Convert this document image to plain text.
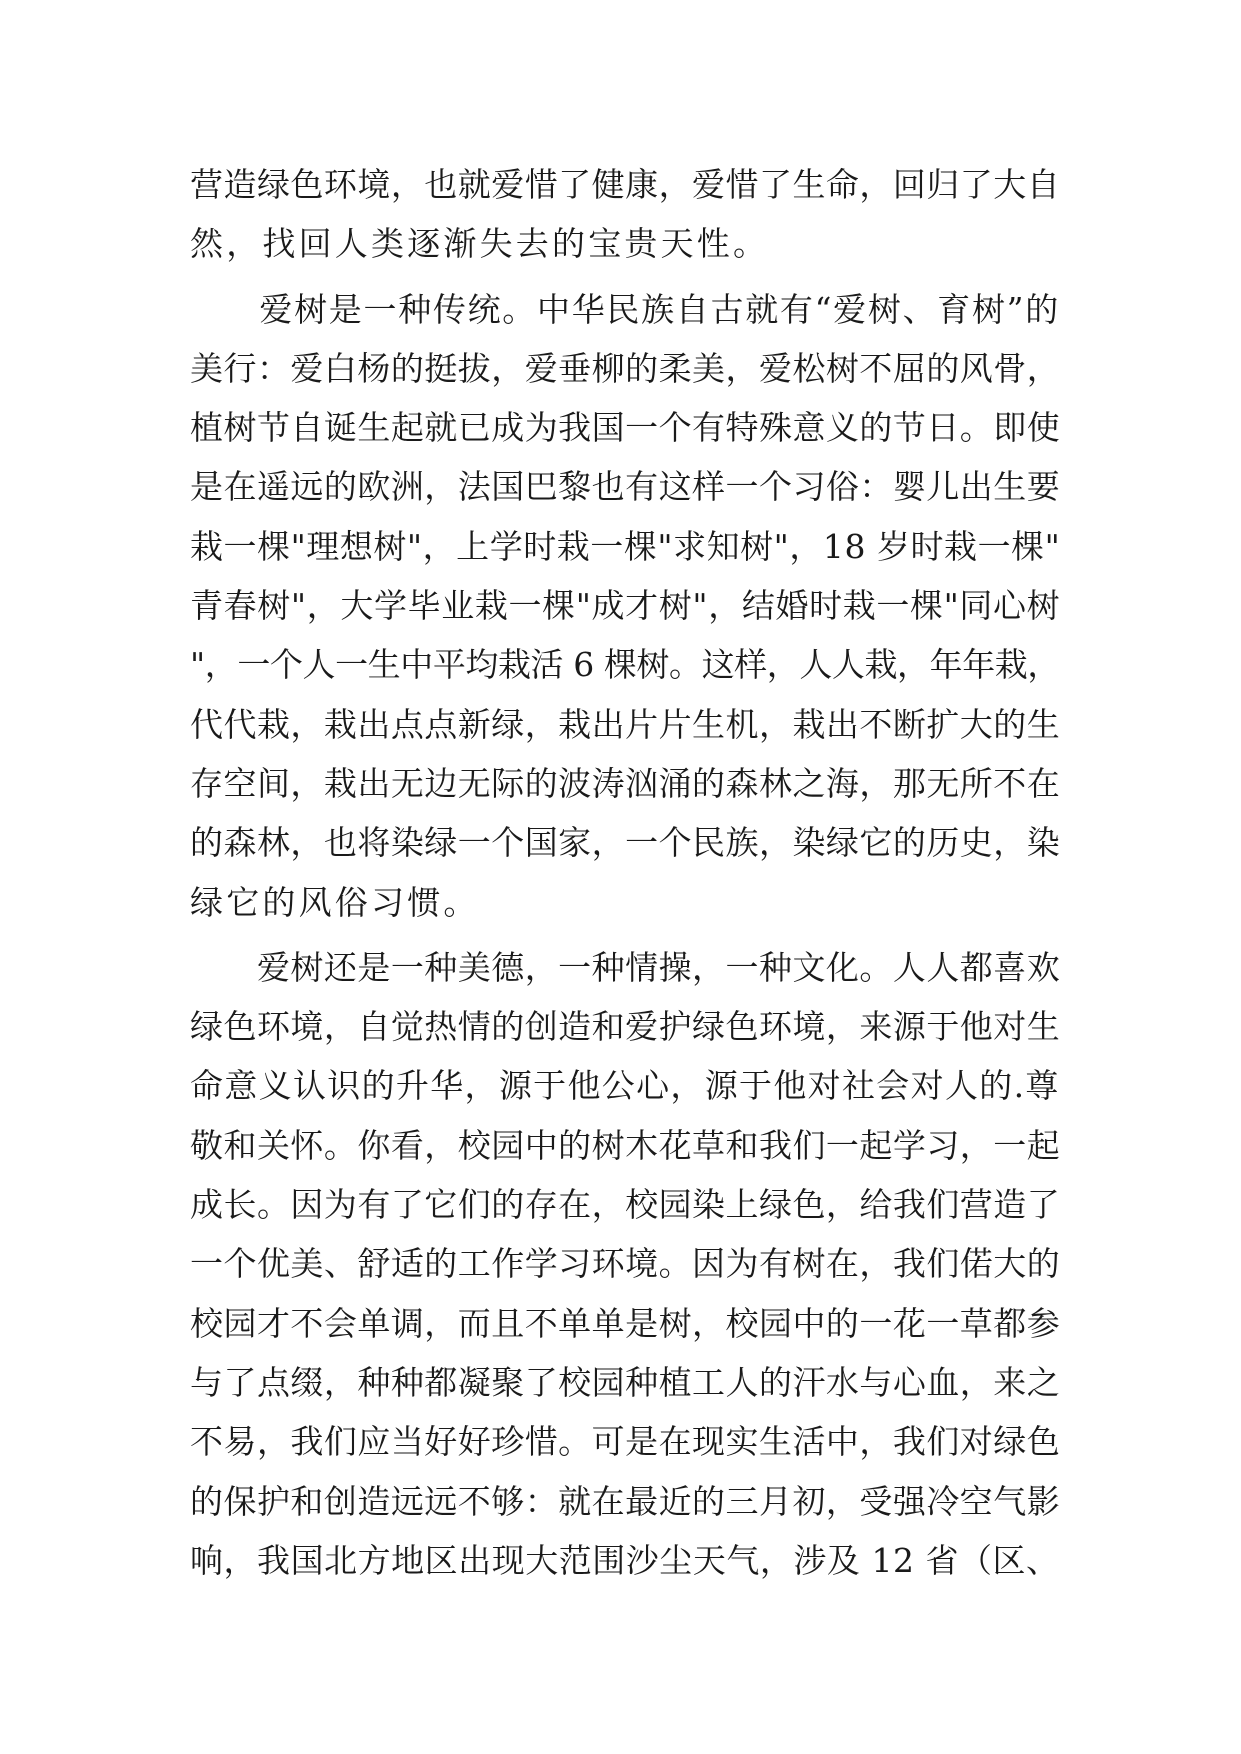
营造绿色环境，也就爱惜了健康，爱惜了生命，回归了大自
然，找回人类逐渐失去的宝贵天性。
　　爱树是一种传统。中华民族自古就有“爱树、育树”的
美行：爱白杨的挺拔，爱垂柳的柔美，爱松树不屈的风骨，
植树节自诞生起就已成为我国一个有特殊意义的节日。即使
是在遥远的欧洲，法国巴黎也有这样一个习俗：婴儿出生要
栽一棵"理想树"，上学时栽一棵"求知树"，18 岁时栽一棵"
青春树"，大学毕业栽一棵"成才树"，结婚时栽一棵"同心树
"，一个人一生中平均栽活 6 棵树。这样，人人栽，年年栽，
代代栽，栽出点点新绿，栽出片片生机，栽出不断扩大的生
存空间，栽出无边无际的波涛汹涌的森林之海，那无所不在
的森林，也将染绿一个国家，一个民族，染绿它的历史，染
绿它的风俗习惯。
　　爱树还是一种美德，一种情操，一种文化。人人都喜欢
绿色环境，自觉热情的创造和爱护绿色环境，来源于他对生
命意义认识的升华，源于他公心，源于他对社会对人的.尊
敬和关怀。你看，校园中的树木花草和我们一起学习，一起
成长。因为有了它们的存在，校园染上绿色，给我们营造了
一个优美、舒适的工作学习环境。因为有树在，我们偌大的
校园才不会单调，而且不单单是树，校园中的一花一草都参
与了点缀，种种都凝聚了校园种植工人的汗水与心血，来之
不易，我们应当好好珍惜。可是在现实生活中，我们对绿色
的保护和创造远远不够：就在最近的三月初，受强冷空气影
响，我国北方地区出现大范围沙尘天气，涉及 12 省（区、
